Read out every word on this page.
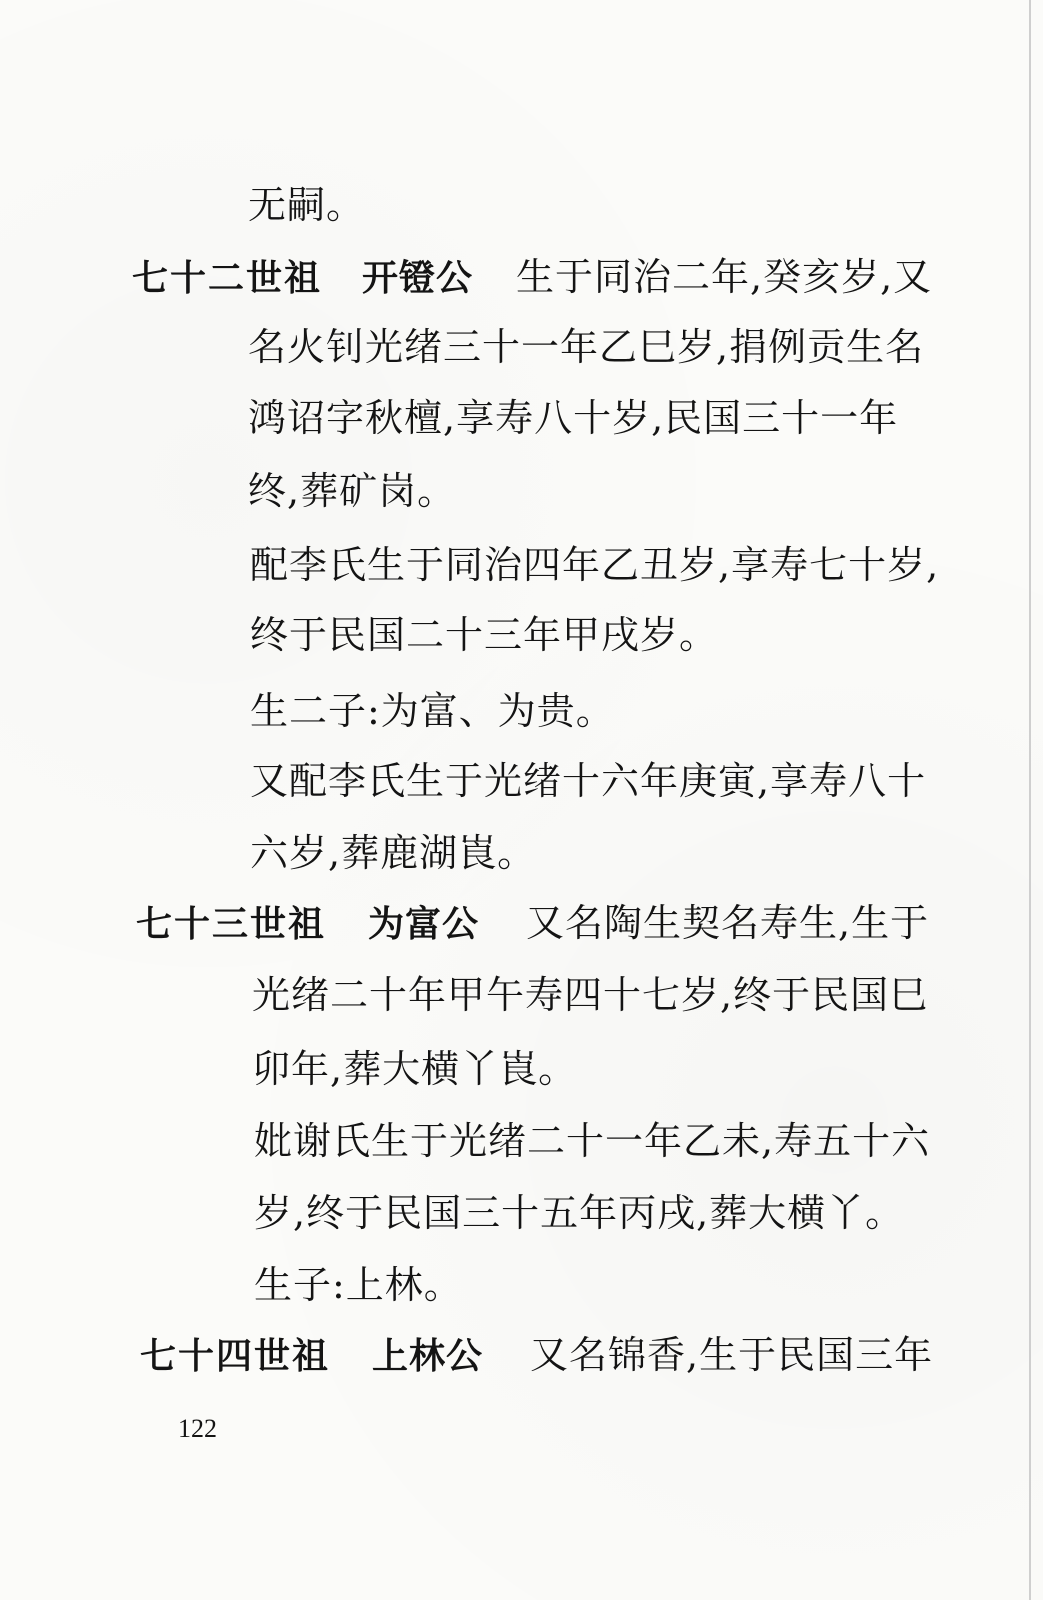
无嗣。
七十二世祖 开镫公 生于同治二年,癸亥岁,又
名火钊光绪三十一年乙巳岁,捐例贡生名
鸿诏字秋檀,享寿八十岁,民国三十一年
终,葬矿岗。
配李氏生于同治四年乙丑岁,享寿七十岁,
终于民国二十三年甲戌岁。
生二子:为富、为贵。
又配李氏生于光绪十六年庚寅,享寿八十
六岁,葬鹿湖崀。
七十三世祖 为富公 又名陶生契名寿生,生于
光绪二十年甲午寿四十七岁,终于民国巳
卯年,葬大横丫崀。
妣谢氏生于光绪二十一年乙未,寿五十六
岁,终于民国三十五年丙戌,葬大横丫。
生子:上林。
七十四世祖 上林公 又名锦香,生于民国三年
122
